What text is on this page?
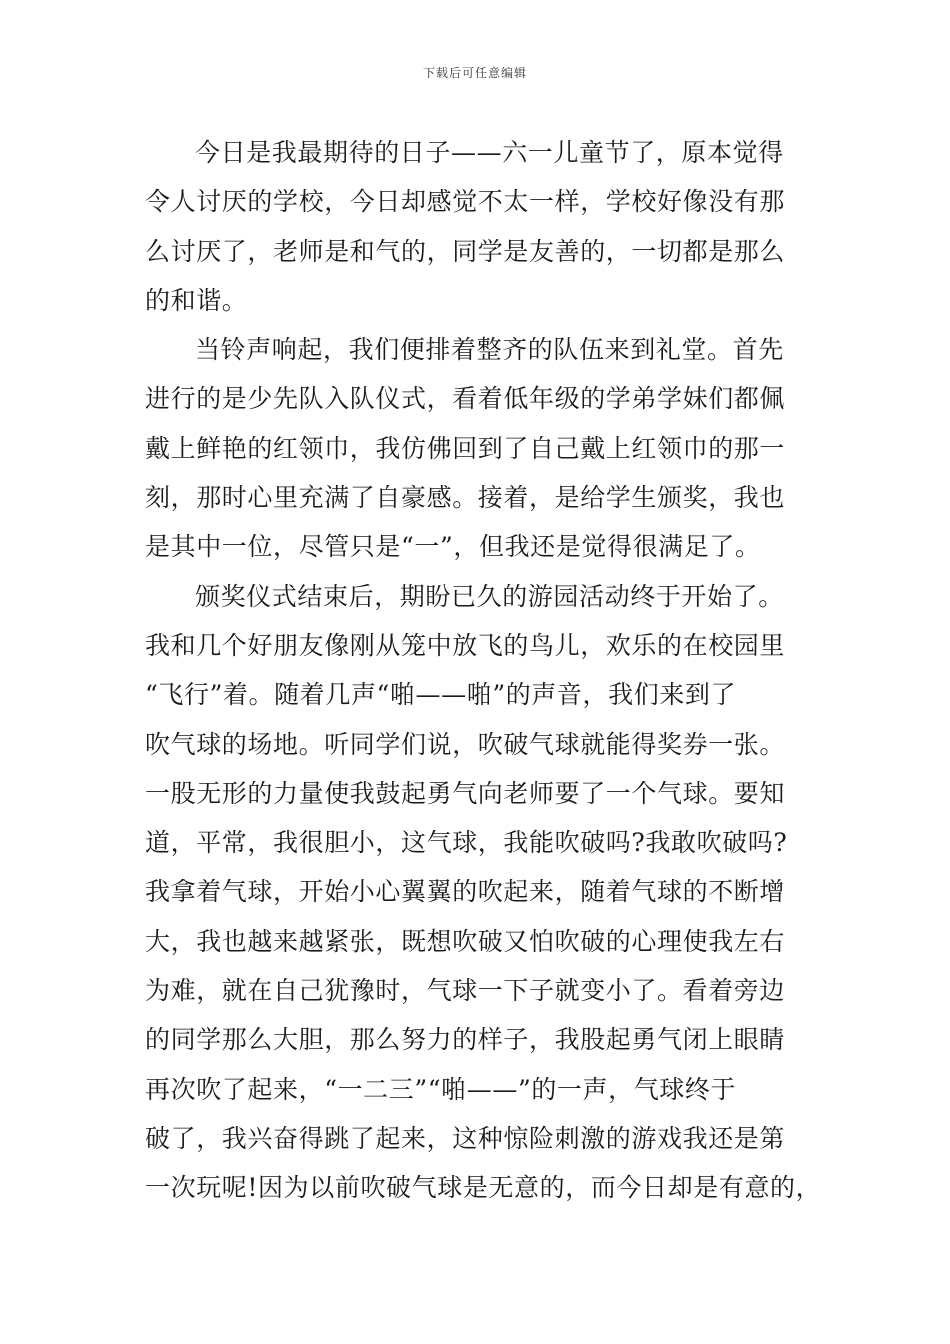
下载后可任意编辑
今日是我最期待的日子——六一儿童节了，原本觉得
令人讨厌的学校，今日却感觉不太一样，学校好像没有那
么讨厌了，老师是和气的，同学是友善的，一切都是那么
的和谐。
当铃声响起，我们便排着整齐的队伍来到礼堂。首先
进行的是少先队入队仪式，看着低年级的学弟学妹们都佩
戴上鲜艳的红领巾，我仿佛回到了自己戴上红领巾的那一
刻，那时心里充满了自豪感。接着，是给学生颁奖，我也
是其中一位，尽管只是“一”，但我还是觉得很满足了。
颁奖仪式结束后，期盼已久的游园活动终于开始了。
我和几个好朋友像刚从笼中放飞的鸟儿，欢乐的在校园里
“飞行”着。随着几声“啪——啪”的声音，我们来到了
吹气球的场地。听同学们说，吹破气球就能得奖券一张。
一股无形的力量使我鼓起勇气向老师要了一个气球。要知
道，平常，我很胆小，这气球，我能吹破吗?我敢吹破吗?
我拿着气球，开始小心翼翼的吹起来，随着气球的不断增
大，我也越来越紧张，既想吹破又怕吹破的心理使我左右
为难，就在自己犹豫时，气球一下子就变小了。看着旁边
的同学那么大胆，那么努力的样子，我股起勇气闭上眼睛
再次吹了起来，“一二三”“啪——”的一声，气球终于
破了，我兴奋得跳了起来，这种惊险刺激的游戏我还是第
一次玩呢!因为以前吹破气球是无意的，而今日却是有意的，
